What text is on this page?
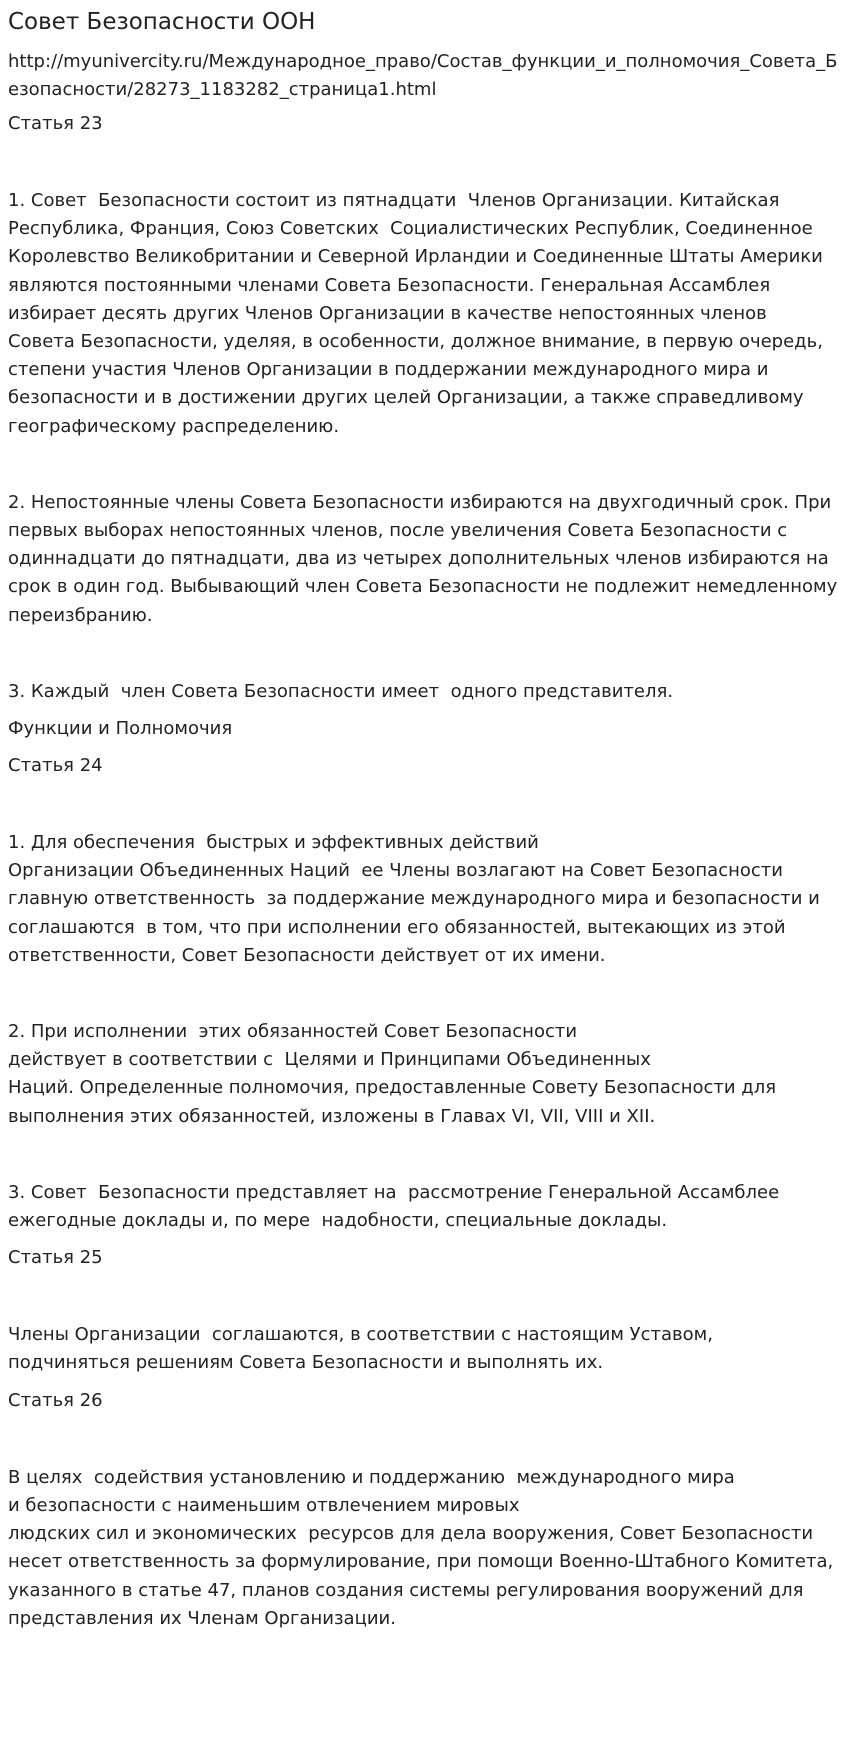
Совет Безопасности ООН

http://myunivercity.ru/Международное_право/Состав_функции_и_полномочия_Совета_Безопасности/28273_1183282_страница1.html

Статья 23

1. Совет  Безопасности состоит из пятнадцати  Членов Организации. Китайская Республика, Франция, Союз Советских  Социалистических Республик, Соединенное Королевство Великобритании и Северной Ирландии и Соединенные Штаты Америки являются постоянными членами Совета Безопасности. Генеральная Ассамблея избирает десять других Членов Организации в качестве непостоянных членов Совета Безопасности, уделяя, в особенности, должное внимание, в первую очередь, степени участия Членов Организации в поддержании международного мира и безопасности и в достижении других целей Организации, а также справедливому географическому распределению.

2. Непостоянные члены Совета Безопасности избираются на двухгодичный срок. При первых выборах непостоянных членов, после увеличения Совета Безопасности с одиннадцати до пятнадцати, два из четырех дополнительных членов избираются на срок в один год. Выбывающий член Совета Безопасности не подлежит немедленному переизбранию.

3. Каждый  член Совета Безопасности имеет  одного представителя.

Функции и Полномочия

Статья 24

1. Для обеспечения  быстрых и эффективных действий
Организации Объединенных Наций  ее Члены возлагают на Совет Безопасности главную ответственность  за поддержание международного мира и безопасности и соглашаются  в том, что при исполнении его обязанностей, вытекающих из этой ответственности, Совет Безопасности действует от их имени.

2. При исполнении  этих обязанностей Совет Безопасности
действует в соответствии с  Целями и Принципами Объединенных
Наций. Определенные полномочия, предоставленные Совету Безопасности для выполнения этих обязанностей, изложены в Главах VI, VII, VIII и XII.

3. Совет  Безопасности представляет на  рассмотрение Генеральной Ассамблее ежегодные доклады и, по мере  надобности, специальные доклады.

Статья 25

Члены Организации  соглашаются, в соответствии с настоящим Уставом, подчиняться решениям Совета Безопасности и выполнять их.

Статья 26

В целях  содействия установлению и поддержанию  международного мира
и безопасности с наименьшим отвлечением мировых
людских сил и экономических  ресурсов для дела вооружения, Совет Безопасности несет ответственность за формулирование, при помощи Военно-Штабного Комитета, указанного в статье 47, планов создания системы регулирования вооружений для представления их Членам Организации.
